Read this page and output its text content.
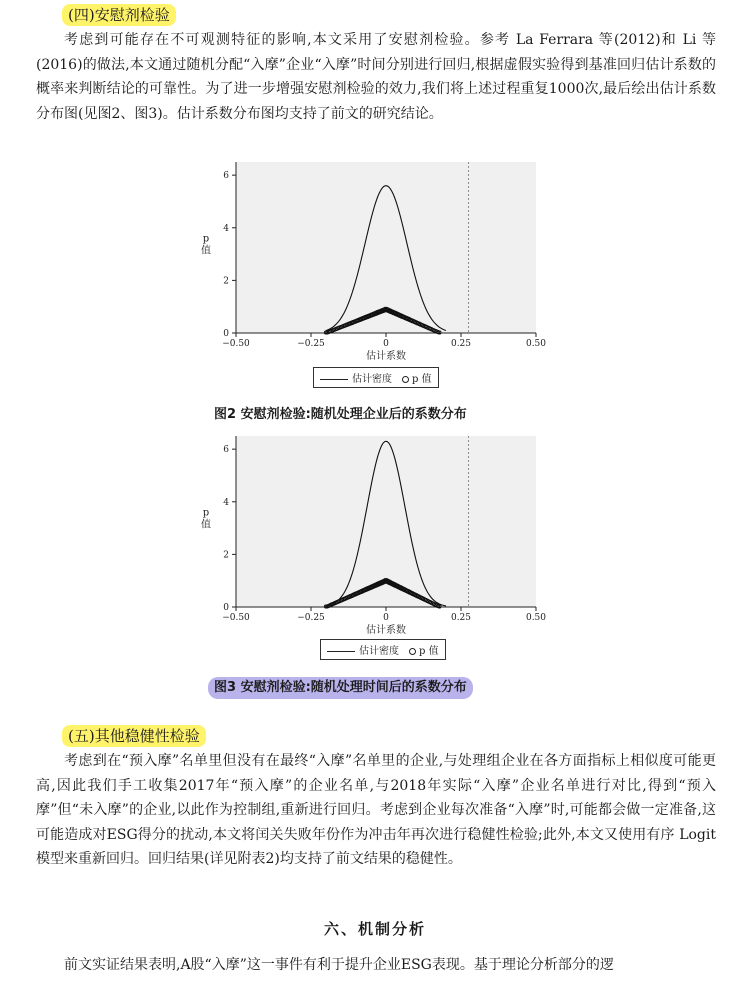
(四)安慰剂检验

考虑到可能存在不可观测特征的影响,本文采用了安慰剂检验。参考 La Ferrara 等(2012)和 Li 等(2016)的做法,本文通过随机分配“入摩”企业“入摩”时间分别进行回归,根据虚假实验得到基准回归估计系数的概率来判断结论的可靠性。为了进一步增强安慰剂检验的效力,我们将上述过程重复1000次,最后绘出估计系数分布图(见图2、图3)。估计系数分布图均支持了前文的研究结论。

−0.50	−0.25	0	0.25	0.50
0
2
4
6
估计系数
p 值
估计密度	p 值
图2 安慰剂检验:随机处理企业后的系数分布
−0.50	−0.25	0	0.25	0.50
0
2
4
6
估计系数
p 值
估计密度	p 值
图3 安慰剂检验:随机处理时间后的系数分布
(五)其他稳健性检验

考虑到在“预入摩”名单里但没有在最终“入摩”名单里的企业,与处理组企业在各方面指标上相似度可能更高,因此我们手工收集2017年“预入摩”的企业名单,与2018年实际“入摩”企业名单进行对比,得到“预入摩”但“未入摩”的企业,以此作为控制组,重新进行回归。考虑到企业每次准备“入摩”时,可能都会做一定准备,这可能造成对ESG得分的扰动,本文将闰关失败年份作为冲击年再次进行稳健性检验;此外,本文又使用有序 Logit 模型来重新回归。回归结果(详见附表2)均支持了前文结果的稳健性。

六、机制分析

前文实证结果表明,A股“入摩”这一事件有利于提升企业ESG表现。基于理论分析部分的逻
